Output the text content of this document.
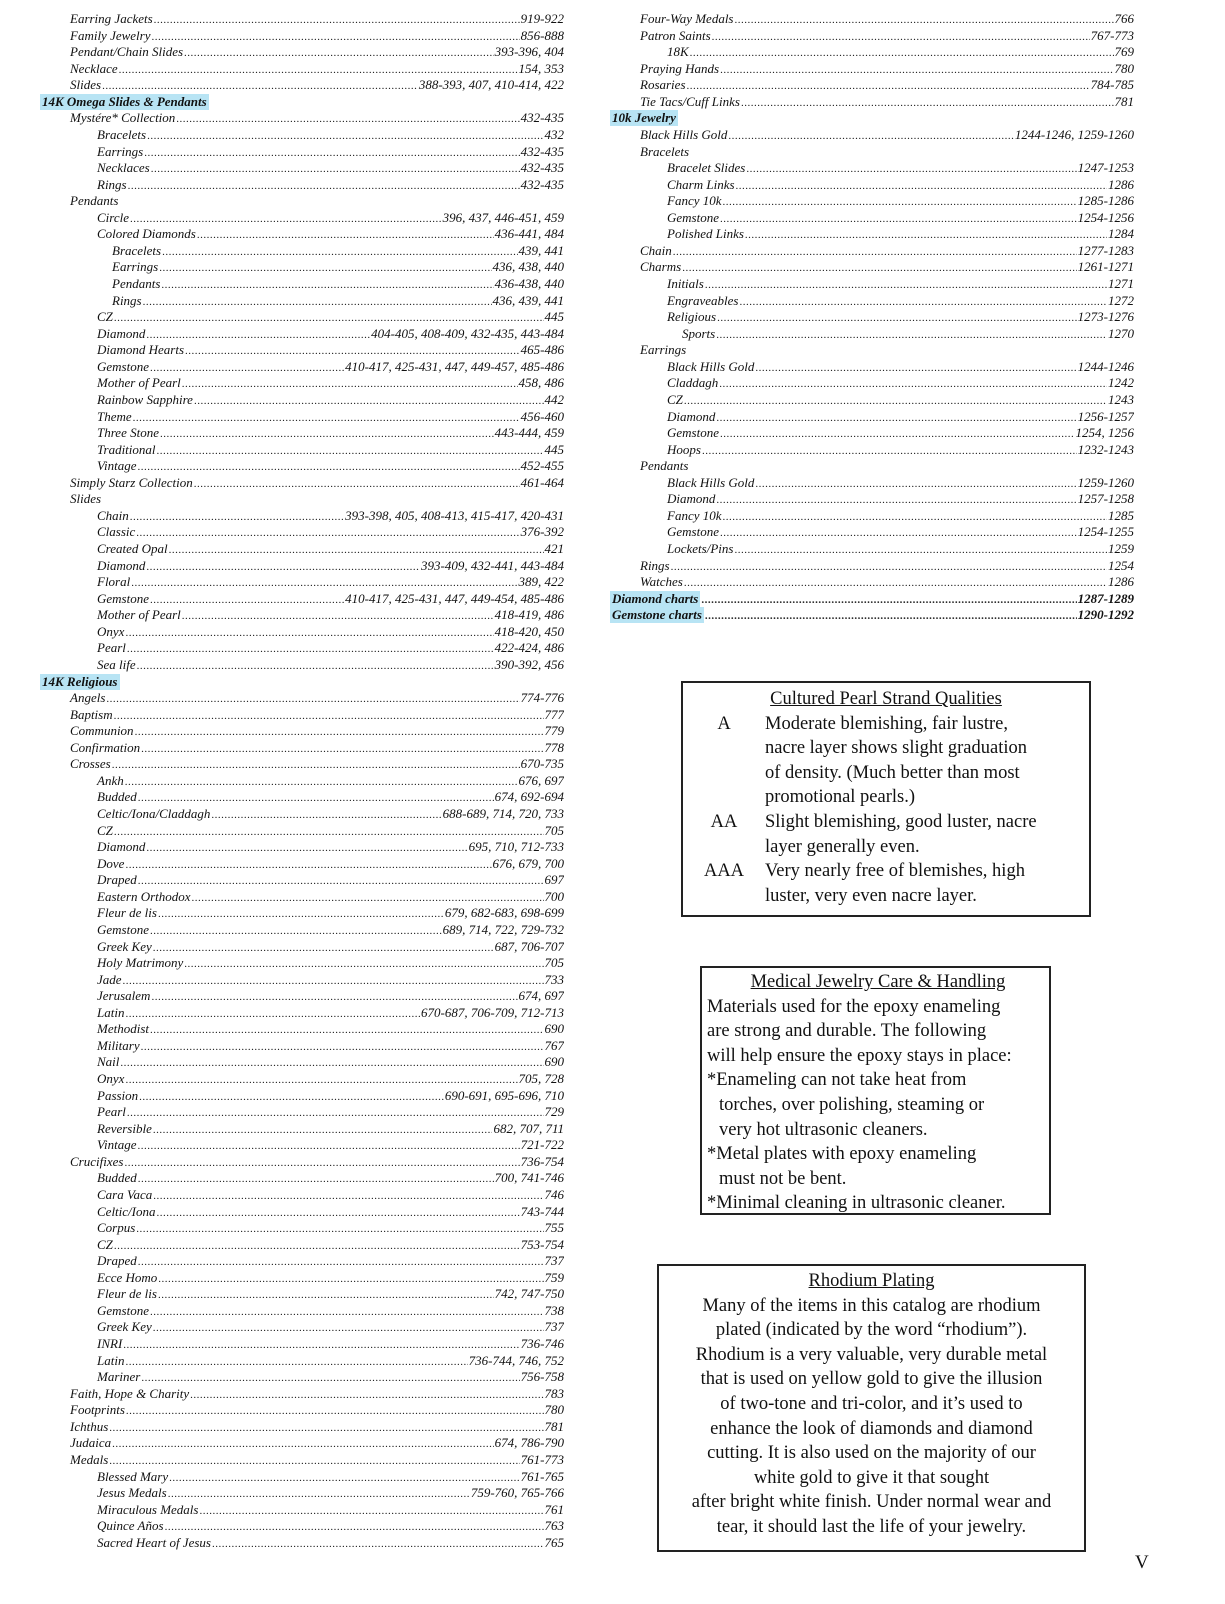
Earring Jackets .....	919-922
Family Jewelry .....	856-888
Pendant/Chain Slides .....	393-396, 404
Necklace .....	154, 353
Slides .....	388-393, 407, 410-414, 422
14K Omega Slides & Pendants
Mystére* Collection .....	432-435
Bracelets .....	432
Earrings .....	432-435
Necklaces .....	432-435
Rings .....	432-435
Pendants
Circle .....	396, 437, 446-451, 459
Colored Diamonds .....	436-441, 484
Bracelets .....	439, 441
Earrings .....	436, 438, 440
Pendants .....	436-438, 440
Rings .....	436, 439, 441
CZ .....	445
Diamond .....	404-405, 408-409, 432-435, 443-484
Diamond Hearts .....	465-486
Gemstone .....	410-417, 425-431, 447, 449-457, 485-486
Mother of Pearl .....	458, 486
Rainbow Sapphire .....	442
Theme .....	456-460
Three Stone .....	443-444, 459
Traditional .....	445
Vintage .....	452-455
Simply Starz Collection .....	461-464
Slides
Chain .....	393-398, 405, 408-413, 415-417, 420-431
Classic .....	376-392
Created Opal .....	421
Diamond .....	393-409, 432-441, 443-484
Floral .....	389, 422
Gemstone .....	410-417, 425-431, 447, 449-454, 485-486
Mother of Pearl .....	418-419, 486
Onyx .....	418-420, 450
Pearl .....	422-424, 486
Sea life .....	390-392, 456
14K Religious
Angels .....	774-776
Baptism .....	777
Communion .....	779
Confirmation .....	778
Crosses .....	670-735
Ankh .....	676, 697
Budded .....	674, 692-694
Celtic/Iona/Claddagh .....	688-689, 714, 720, 733
CZ .....	705
Diamond .....	695, 710, 712-733
Dove .....	676, 679, 700
Draped .....	697
Eastern Orthodox .....	700
Fleur de lis .....	679, 682-683, 698-699
Gemstone .....	689, 714, 722, 729-732
Greek Key .....	687, 706-707
Holy Matrimony .....	705
Jade .....	733
Jerusalem .....	674, 697
Latin .....	670-687, 706-709, 712-713
Methodist .....	690
Military .....	767
Nail .....	690
Onyx .....	705, 728
Passion .....	690-691, 695-696, 710
Pearl .....	729
Reversible .....	682, 707, 711
Vintage .....	721-722
Crucifixes .....	736-754
Budded .....	700, 741-746
Cara Vaca .....	746
Celtic/Iona .....	743-744
Corpus .....	755
CZ .....	753-754
Draped .....	737
Ecce Homo .....	759
Fleur de lis .....	742, 747-750
Gemstone .....	738
Greek Key .....	737
INRI .....	736-746
Latin .....	736-744, 746, 752
Mariner .....	756-758
Faith, Hope & Charity .....	783
Footprints .....	780
Ichthus .....	781
Judaica .....	674, 786-790
Medals .....	761-773
Blessed Mary .....	761-765
Jesus Medals .....	759-760, 765-766
Miraculous Medals .....	761
Quince Años .....	763
Sacred Heart of Jesus .....	765
Four-Way Medals .....	766
Patron Saints .....	767-773
18K .....	769
Praying Hands .....	780
Rosaries .....	784-785
Tie Tacs/Cuff Links .....	781
10k Jewelry
Black Hills Gold .....	1244-1246, 1259-1260
Bracelets
Bracelet Slides .....	1247-1253
Charm Links .....	1286
Fancy 10k .....	1285-1286
Gemstone .....	1254-1256
Polished Links .....	1284
Chain .....	1277-1283
Charms .....	1261-1271
Initials .....	1271
Engraveables .....	1272
Religious .....	1273-1276
Sports .....	1270
Earrings
Black Hills Gold .....	1244-1246
Claddagh .....	1242
CZ .....	1243
Diamond .....	1256-1257
Gemstone .....	1254, 1256
Hoops .....	1232-1243
Pendants
Black Hills Gold .....	1259-1260
Diamond .....	1257-1258
Fancy 10k .....	1285
Gemstone .....	1254-1255
Lockets/Pins .....	1259
Rings .....	1254
Watches .....	1286
Diamond charts .....	1287-1289
Gemstone charts .....	1290-1292
Cultured Pearl Strand Qualities
A	Moderate blemishing, fair lustre,
nacre layer shows slight graduation
of density. (Much better than most
promotional pearls.)
AA	Slight blemishing, good luster, nacre
layer generally even.
AAA	Very nearly free of blemishes, high
luster, very even nacre layer.
Medical Jewelry Care & Handling
Materials used for the epoxy enameling
are strong and durable. The following
will help ensure the epoxy stays in place:
*Enameling can not take heat from
torches, over polishing, steaming or
very hot ultrasonic cleaners.
*Metal plates with epoxy enameling
must not be bent.
*Minimal cleaning in ultrasonic cleaner.
Rhodium Plating
Many of the items in this catalog are rhodium
plated (indicated by the word “rhodium”).
Rhodium is a very valuable, very durable metal
that is used on yellow gold to give the illusion
of two-tone and tri-color, and it’s used to
enhance the look of diamonds and diamond
cutting. It is also used on the majority of our
white gold to give it that sought
after bright white finish. Under normal wear and
tear, it should last the life of your jewelry.
V
